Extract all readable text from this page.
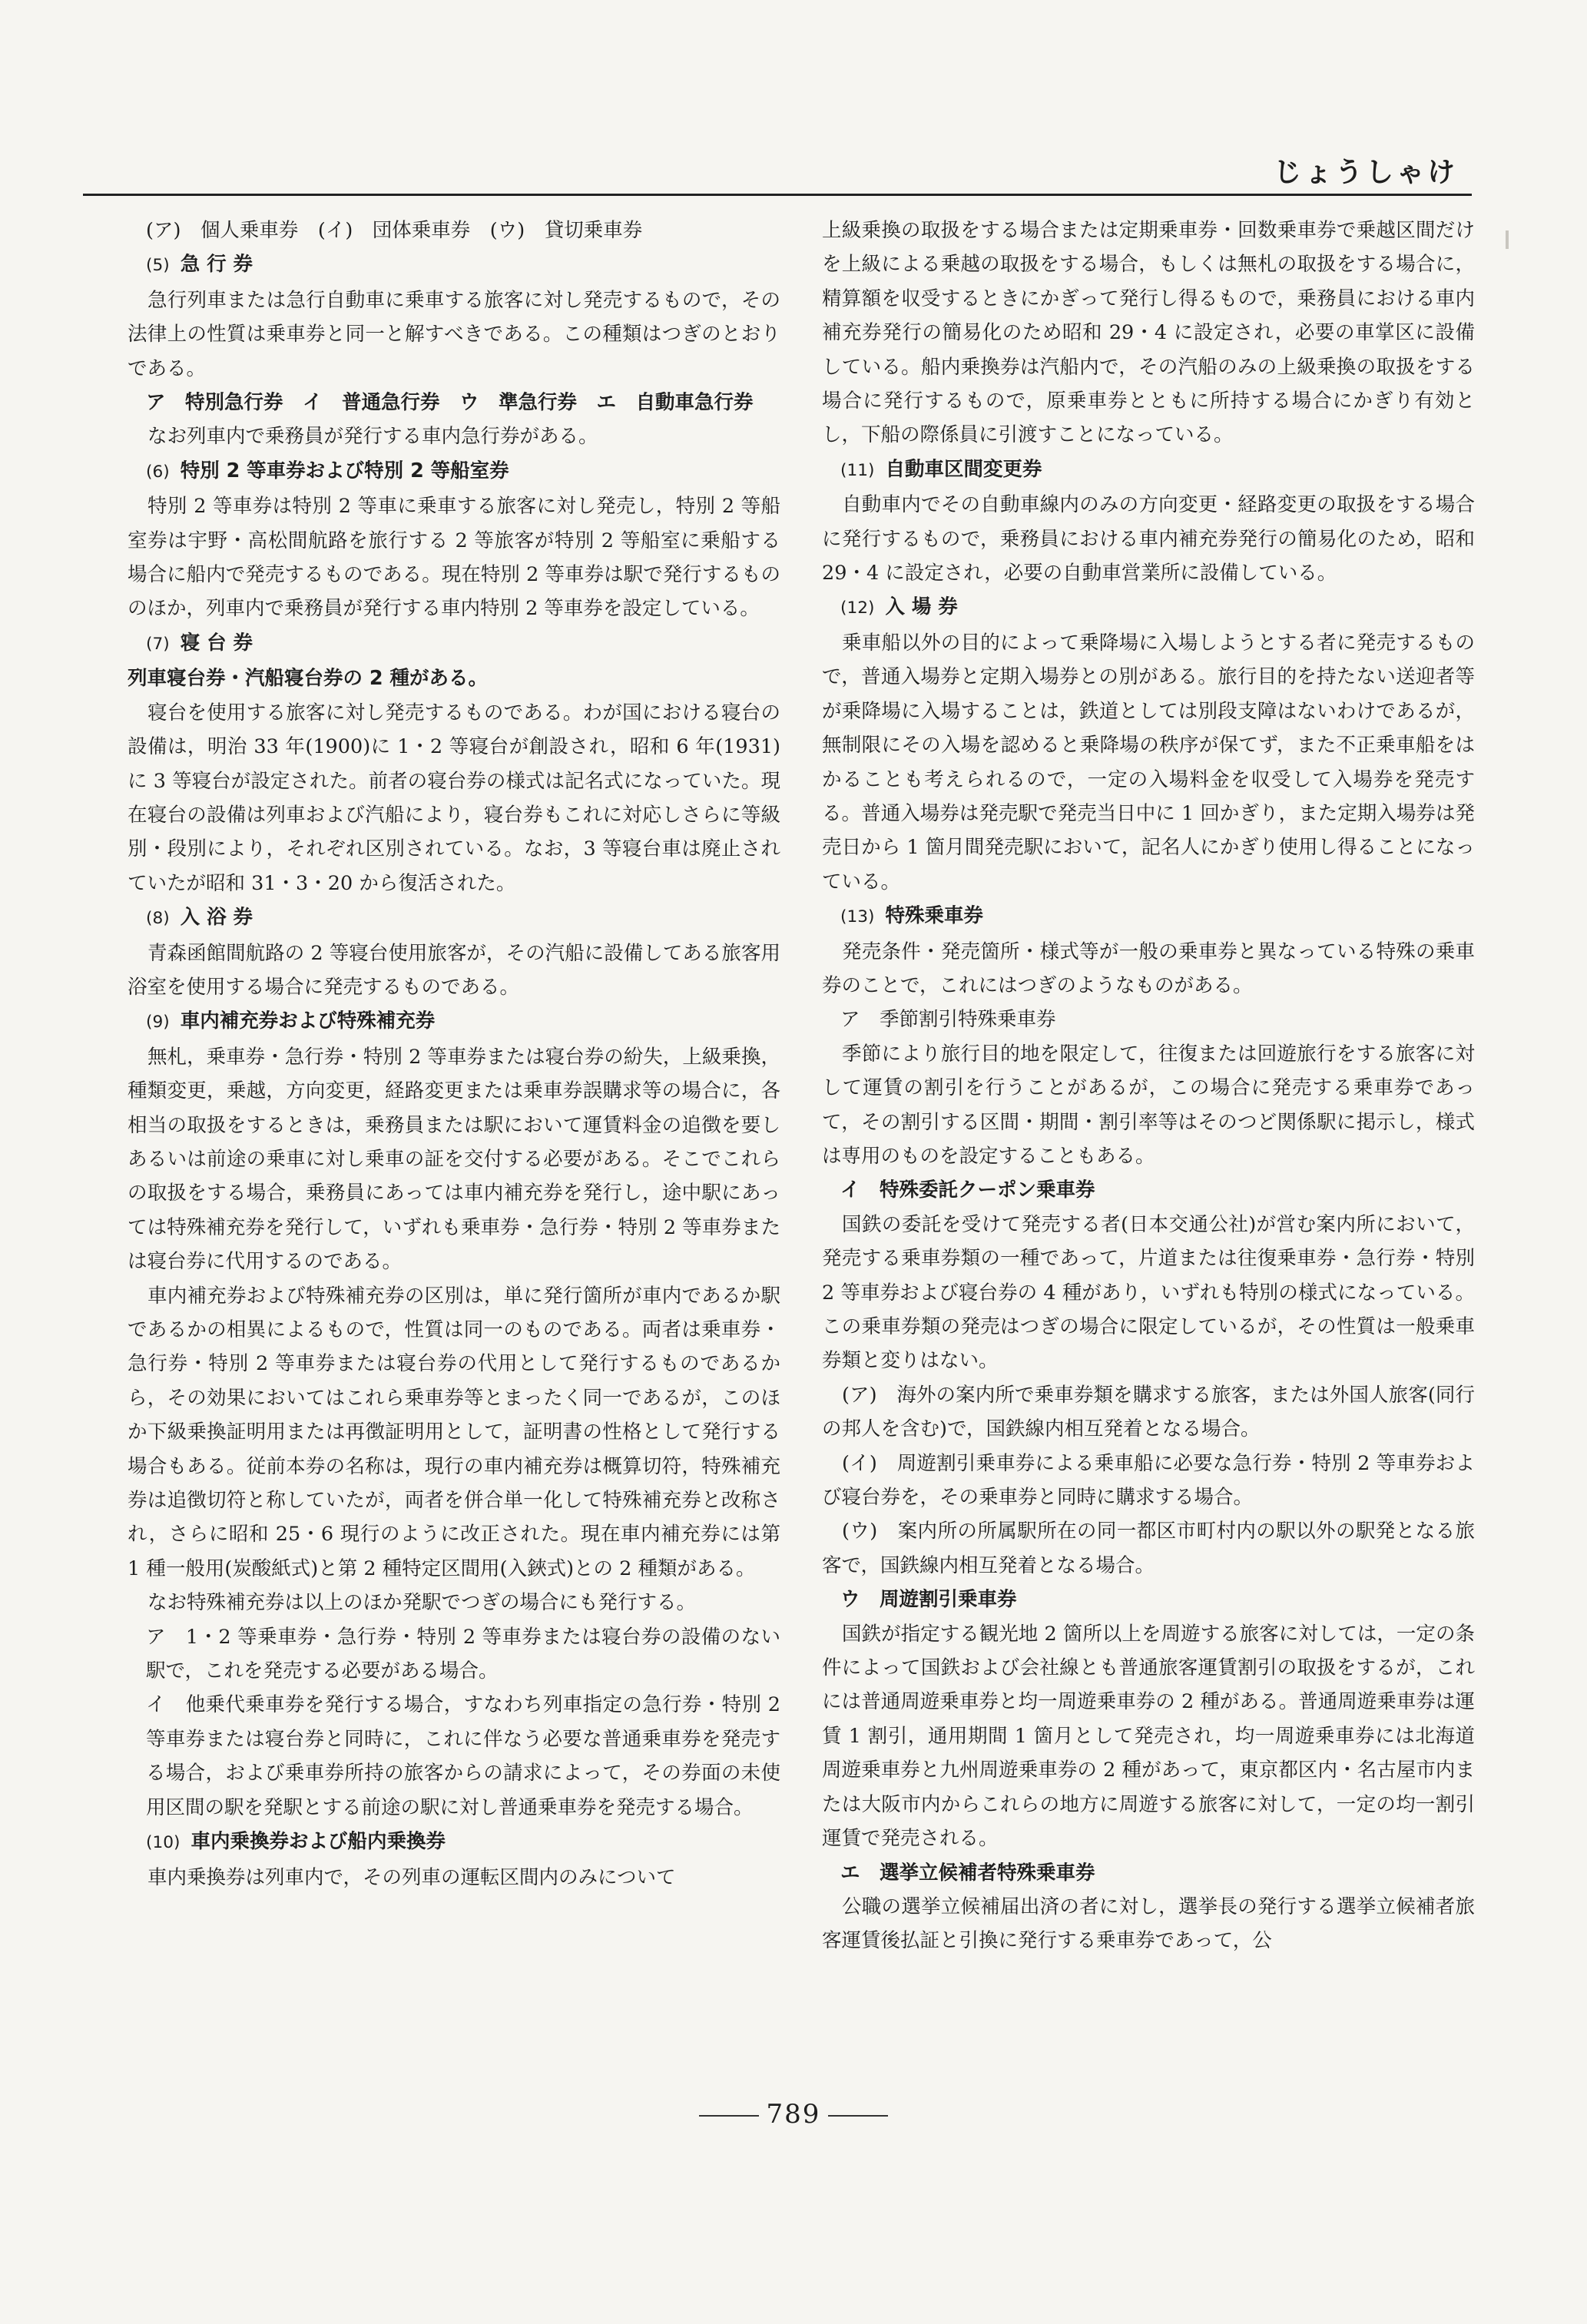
じょうしゃけ

(ア)　個人乗車券　(イ)　団体乗車券　(ウ)　貸切乗車券

(5) 急 行 券

急行列車または急行自動車に乗車する旅客に対し発売するもので，その法律上の性質は乗車券と同一と解すべきである。この種類はつぎのとおりである。

ア　特別急行券　イ　普通急行券　ウ　準急行券　エ　自動車急行券

なお列車内で乗務員が発行する車内急行券がある。

(6) 特別 2 等車券および特別 2 等船室券

特別 2 等車券は特別 2 等車に乗車する旅客に対し発売し，特別 2 等船室券は宇野・高松間航路を旅行する 2 等旅客が特別 2 等船室に乗船する場合に船内で発売するものである。現在特別 2 等車券は駅で発行するもののほか，列車内で乗務員が発行する車内特別 2 等車券を設定している。

(7) 寝 台 券

列車寝台券・汽船寝台券の 2 種がある。

寝台を使用する旅客に対し発売するものである。わが国における寝台の設備は，明治 33 年(1900)に 1・2 等寝台が創設され，昭和 6 年(1931)に 3 等寝台が設定された。前者の寝台券の様式は記名式になっていた。現在寝台の設備は列車および汽船により，寝台券もこれに対応しさらに等級別・段別により，それぞれ区別されている。なお，3 等寝台車は廃止されていたが昭和 31・3・20 から復活された。

(8) 入 浴 券

青森函館間航路の 2 等寝台使用旅客が，その汽船に設備してある旅客用浴室を使用する場合に発売するものである。

(9) 車内補充券および特殊補充券

無札，乗車券・急行券・特別 2 等車券または寝台券の紛失，上級乗換，種類変更，乗越，方向変更，経路変更または乗車券誤購求等の場合に，各相当の取扱をするときは，乗務員または駅において運賃料金の追徴を要しあるいは前途の乗車に対し乗車の証を交付する必要がある。そこでこれらの取扱をする場合，乗務員にあっては車内補充券を発行し，途中駅にあっては特殊補充券を発行して，いずれも乗車券・急行券・特別 2 等車券または寝台券に代用するのである。

車内補充券および特殊補充券の区別は，単に発行箇所が車内であるか駅であるかの相異によるもので，性質は同一のものである。両者は乗車券・急行券・特別 2 等車券または寝台券の代用として発行するものであるから，その効果においてはこれら乗車券等とまったく同一であるが，このほか下級乗換証明用または再徴証明用として，証明書の性格として発行する場合もある。従前本券の名称は，現行の車内補充券は概算切符，特殊補充券は追徴切符と称していたが，両者を併合単一化して特殊補充券と改称され，さらに昭和 25・6 現行のように改正された。現在車内補充券には第 1 種一般用(炭酸紙式)と第 2 種特定区間用(入鋏式)との 2 種類がある。

なお特殊補充券は以上のほか発駅でつぎの場合にも発行する。

ア　1・2 等乗車券・急行券・特別 2 等車券または寝台券の設備のない駅で，これを発売する必要がある場合。

イ　他乗代乗車券を発行する場合，すなわち列車指定の急行券・特別 2 等車券または寝台券と同時に，これに伴なう必要な普通乗車券を発売する場合，および乗車券所持の旅客からの請求によって，その券面の未使用区間の駅を発駅とする前途の駅に対し普通乗車券を発売する場合。

(10) 車内乗換券および船内乗換券

車内乗換券は列車内で，その列車の運転区間内のみについて

上級乗換の取扱をする場合または定期乗車券・回数乗車券で乗越区間だけを上級による乗越の取扱をする場合，もしくは無札の取扱をする場合に，精算額を収受するときにかぎって発行し得るもので，乗務員における車内補充券発行の簡易化のため昭和 29・4 に設定され，必要の車掌区に設備している。船内乗換券は汽船内で，その汽船のみの上級乗換の取扱をする場合に発行するもので，原乗車券とともに所持する場合にかぎり有効とし，下船の際係員に引渡すことになっている。

(11) 自動車区間変更券

自動車内でその自動車線内のみの方向変更・経路変更の取扱をする場合に発行するもので，乗務員における車内補充券発行の簡易化のため，昭和 29・4 に設定され，必要の自動車営業所に設備している。

(12) 入 場 券

乗車船以外の目的によって乗降場に入場しようとする者に発売するもので，普通入場券と定期入場券との別がある。旅行目的を持たない送迎者等が乗降場に入場することは，鉄道としては別段支障はないわけであるが，無制限にその入場を認めると乗降場の秩序が保てず，また不正乗車船をはかることも考えられるので，一定の入場料金を収受して入場券を発売する。普通入場券は発売駅で発売当日中に 1 回かぎり，また定期入場券は発売日から 1 箇月間発売駅において，記名人にかぎり使用し得ることになっている。

(13) 特殊乗車券

発売条件・発売箇所・様式等が一般の乗車券と異なっている特殊の乗車券のことで，これにはつぎのようなものがある。

ア　季節割引特殊乗車券

季節により旅行目的地を限定して，往復または回遊旅行をする旅客に対して運賃の割引を行うことがあるが，この場合に発売する乗車券であって，その割引する区間・期間・割引率等はそのつど関係駅に掲示し，様式は専用のものを設定することもある。

イ　特殊委託クーポン乗車券

国鉄の委託を受けて発売する者(日本交通公社)が営む案内所において，発売する乗車券類の一種であって，片道または往復乗車券・急行券・特別 2 等車券および寝台券の 4 種があり，いずれも特別の様式になっている。この乗車券類の発売はつぎの場合に限定しているが，その性質は一般乗車券類と変りはない。

(ア)　海外の案内所で乗車券類を購求する旅客，または外国人旅客(同行の邦人を含む)で，国鉄線内相互発着となる場合。

(イ)　周遊割引乗車券による乗車船に必要な急行券・特別 2 等車券および寝台券を，その乗車券と同時に購求する場合。

(ウ)　案内所の所属駅所在の同一都区市町村内の駅以外の駅発となる旅客で，国鉄線内相互発着となる場合。

ウ　周遊割引乗車券

国鉄が指定する観光地 2 箇所以上を周遊する旅客に対しては，一定の条件によって国鉄および会社線とも普通旅客運賃割引の取扱をするが，これには普通周遊乗車券と均一周遊乗車券の 2 種がある。普通周遊乗車券は運賃 1 割引，通用期間 1 箇月として発売され，均一周遊乗車券には北海道周遊乗車券と九州周遊乗車券の 2 種があって，東京都区内・名古屋市内または大阪市内からこれらの地方に周遊する旅客に対して，一定の均一割引運賃で発売される。

エ　選挙立候補者特殊乗車券

公職の選挙立候補届出済の者に対し，選挙長の発行する選挙立候補者旅客運賃後払証と引換に発行する乗車券であって，公

789
